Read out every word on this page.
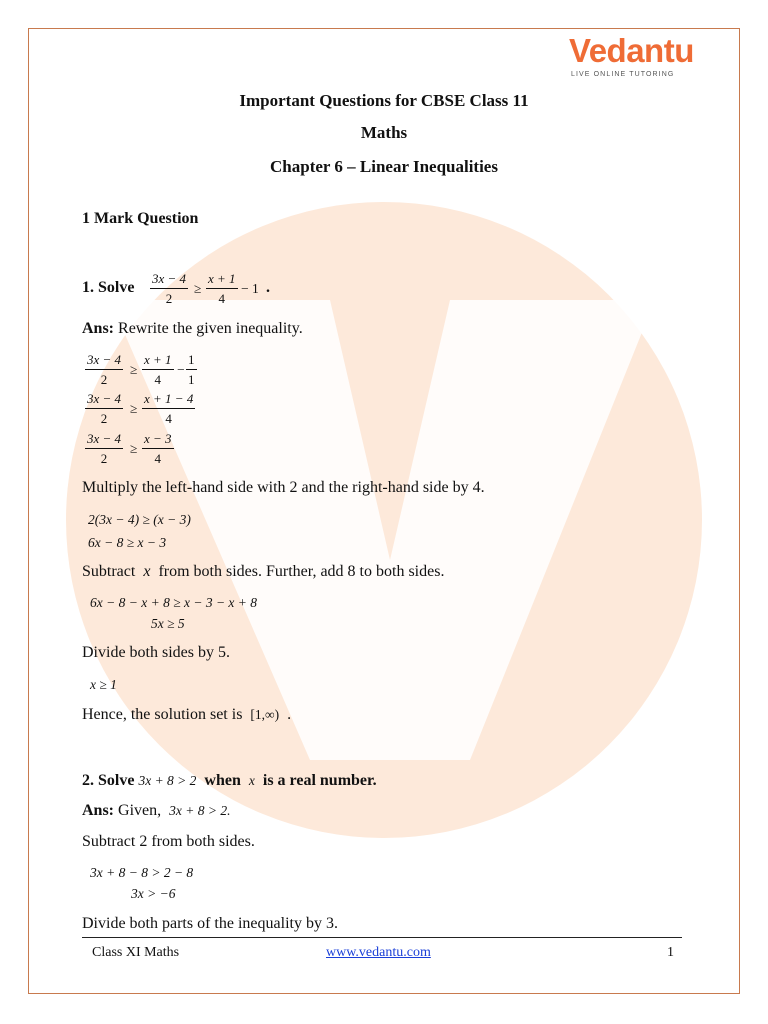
Vedantu
LIVE ONLINE TUTORING
Important Questions for CBSE Class 11
Maths
Chapter 6 – Linear Inequalities
1 Mark Question
1. Solve $\frac{3x - 4}{2} \ge \frac{x + 1}{4} - 1$ .
Ans: Rewrite the given inequality.
$\frac{3x - 4}{2} \ge \frac{x + 1}{4} - \frac{1}{1}$
$\frac{3x - 4}{2} \ge \frac{x + 1 - 4}{4}$
$\frac{3x - 4}{2} \ge \frac{x - 3}{4}$
Multiply the left-hand side with 2 and the right-hand side by 4.
2(3x − 4) ≥ (x − 3)
6x − 8 ≥ x − 3
Subtract x from both sides. Further, add 8 to both sides.
6x − 8 − x + 8 ≥ x − 3 − x + 8
5x ≥ 5
Divide both sides by 5.
x ≥ 1
Hence, the solution set is [1,∞) .
2. Solve 3x + 8 > 2 when x is a real number.
Ans: Given, 3x + 8 > 2.
Subtract 2 from both sides.
3x + 8 − 8 > 2 − 8
3x > −6
Divide both parts of the inequality by 3.
Class XI Maths	www.vedantu.com	1
